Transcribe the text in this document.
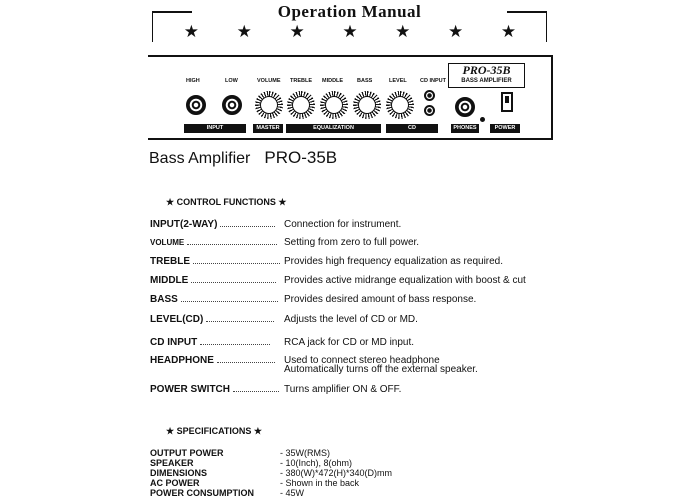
Operation Manual
★ ★ ★ ★ ★ ★ ★
HIGH	LOW	VOLUME TREBLE MIDDLE	BASS	LEVEL CD INPUT
PRO-35B
BASS AMPLIFIER
INPUT	MASTER	EQUALIZATION	CD	PHONES	POWER
Bass Amplifier PRO-35B
★ CONTROL FUNCTIONS ★
INPUT(2-WAY)	Connection for instrument.
VOLUME	Setting from zero to full power.
TREBLE	Provides high frequency equalization as required.
MIDDLE	Provides active midrange equalization with boost & cut
BASS	Provides desired amount of bass response.
LEVEL(CD)	Adjusts the level of CD or MD.
CD INPUT	RCA jack for CD or MD input.
HEADPHONE	Used to connect stereo headphone
Automatically turns off the external speaker.
POWER SWITCH	Turns amplifier ON & OFF.
★ SPECIFICATIONS ★
OUTPUT POWER	- 35W(RMS)
SPEAKER	- 10(Inch), 8(ohm)
DIMENSIONS	- 380(W)*472(H)*340(D)mm
AC POWER	- Shown in the back
POWER CONSUMPTION	- 45W
